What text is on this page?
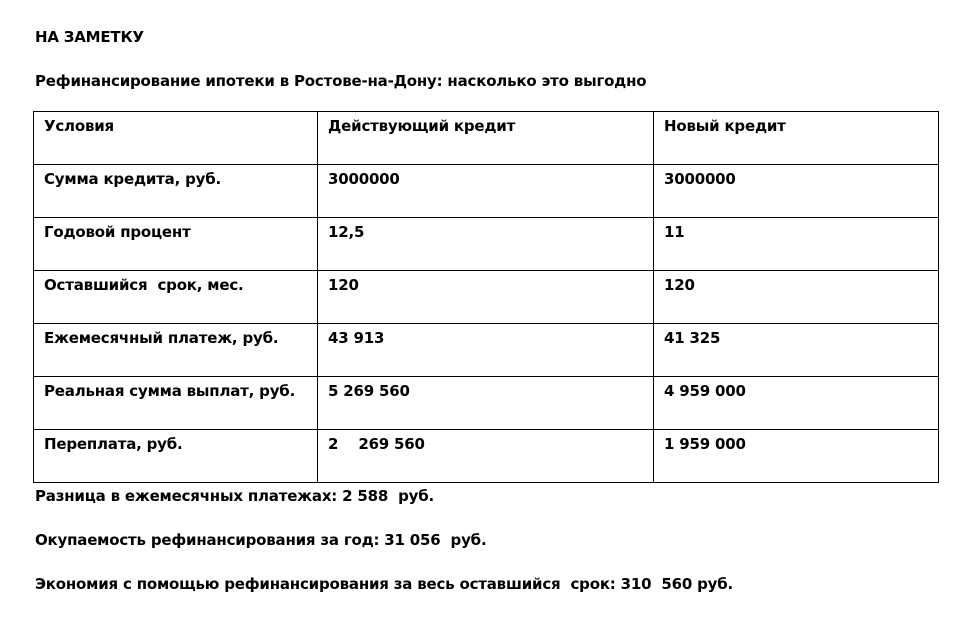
НА ЗАМЕТКУ

Рефинансирование ипотеки в Ростове-на-Дону: насколько это выгодно

Условия	Действующий кредит	Новый кредит
Сумма кредита, руб.	3000000	3000000
Годовой процент	12,5	11
Оставшийся  срок, мес.	120	120
Ежемесячный платеж, руб.	43 913	41 325
Реальная сумма выплат, руб.	5 269 560	4 959 000
Переплата, руб.	2    269 560	1 959 000

Разница в ежемесячных платежах: 2 588  руб.

Окупаемость рефинансирования за год: 31 056  руб.

Экономия с помощью рефинансирования за весь оставшийся  срок: 310  560 руб.
